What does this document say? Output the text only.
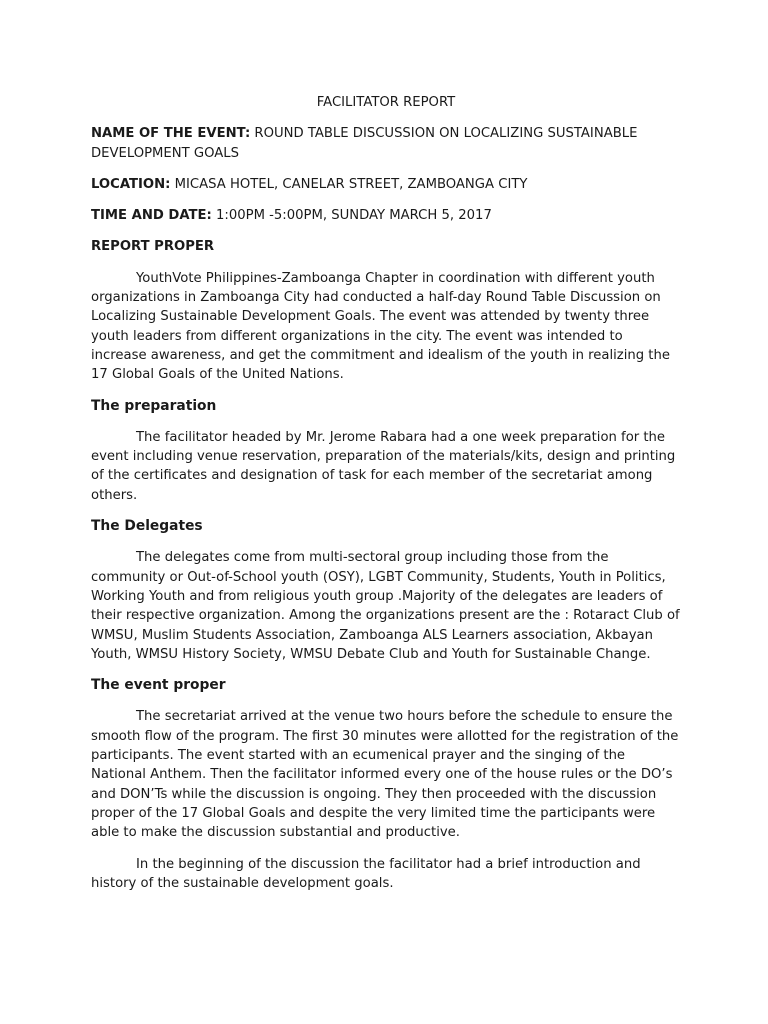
FACILITATOR REPORT

NAME OF THE EVENT: ROUND TABLE DISCUSSION ON LOCALIZING SUSTAINABLE DEVELOPMENT GOALS

LOCATION: MICASA HOTEL, CANELAR STREET, ZAMBOANGA CITY

TIME AND DATE: 1:00PM -5:00PM, SUNDAY MARCH 5, 2017

REPORT PROPER

YouthVote Philippines-Zamboanga Chapter in coordination with different youth organizations in Zamboanga City had conducted a half-day Round Table Discussion on Localizing Sustainable Development Goals. The event was attended by twenty three youth leaders from different organizations in the city. The event was intended to increase awareness, and get the commitment and idealism of the youth in realizing the 17 Global Goals of the United Nations.

The preparation

The facilitator headed by Mr. Jerome Rabara had a one week preparation for the event including venue reservation, preparation of the materials/kits, design and printing of the certificates and designation of task for each member of the secretariat among others.

The Delegates

The delegates come from multi-sectoral group including those from the community or Out-of-School youth (OSY), LGBT Community, Students, Youth in Politics, Working Youth and from religious youth group .Majority of the delegates are leaders of their respective organization. Among the organizations present are the : Rotaract Club of WMSU, Muslim Students Association, Zamboanga ALS Learners association, Akbayan Youth, WMSU History Society, WMSU Debate Club and Youth for Sustainable Change.

The event proper

The secretariat arrived at the venue two hours before the schedule to ensure the smooth flow of the program. The first 30 minutes were allotted for the registration of the participants. The event started with an ecumenical prayer and the singing of the National Anthem. Then the facilitator informed every one of the house rules or the DO’s and DON’Ts while the discussion is ongoing. They then proceeded with the discussion proper of the 17 Global Goals and despite the very limited time the participants were able to make the discussion substantial and productive.

In the beginning of the discussion the facilitator had a brief introduction and history of the sustainable development goals.
